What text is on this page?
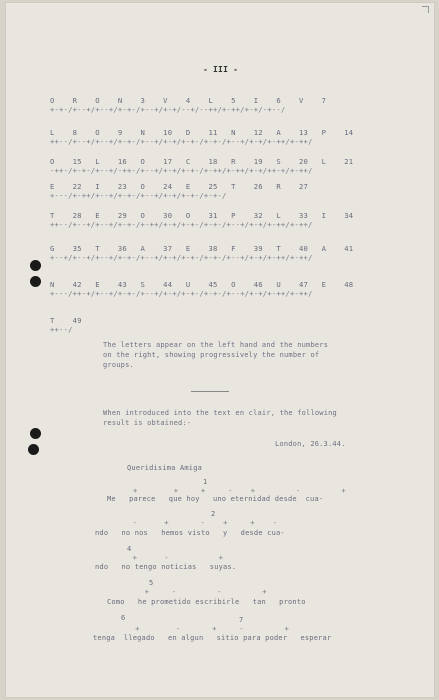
- III -
O    R    O    N    3    V    4    L    5    I    6    V    7
+-+-/+--+/+--+/+-+-/+--+/+-+/--+/--++/+-++/+-+/-+--/
L    8    O    9    N    10   D    11   N    12   A    13   P    14
++--/+--+/+--+/+-+-/+--+/+-+/+-+-/+-+-/+--+/+-+/+-++/+-++/
O    15   L    16   O    17   C    18   R    19   S    20   L    21
-++-/+-+-/+--+/-++-/+--+/+-+/+-+-/+-++/+-++/+-+/++-+/+-++/
E    22   I    23   O    24   E    25   T    26   R    27
+---/+-++/+--+/+-+-/+--+/+-+/+-+-/+-+-/
T    28   E    29   O    30   O    31   P    32   L    33   I    34
++--/+--+/+--+/+-+-/+-++/+-+/+-+-/+-+-/+--+/+-+/+-++/+-++/
G    35   T    36   A    37   E    38   F    39   T    40   A    41
+--+/+--+/+--+/+-+-/+--+/+-+/+-+-/+-+-/+--+/+-+/+-++/+-++/
N    42   E    43   S    44   U    45   O    46   U    47   E    48
+---/++-+/+--+/+-+-/+--+/+-+/+-+-/+-+-/+--+/+-+/+-++/+-++/
T    49
++--/
The letters appear on the left hand and the numbers
on the right, showing progressively the number of
groups.
When introduced into the text en clair, the following
result is obtained:-
London, 26.3.44.
Queridisima Amiga
1
+        +     +     -    +         -         +
Me   parece   que hoy   uno eternidad desde  cua-
2
-      +       -    +     +    -
ndo   no nos   hemos visto   y   desde cua-
4
+      -           +
ndo   no tengo noticias   suyas.
5
+     -         -         +
Como   he prometido escribirle   tan   pronto
6	7
+        -       +     -         +
tenga  llegado   en algun   sitio para poder   esperar
